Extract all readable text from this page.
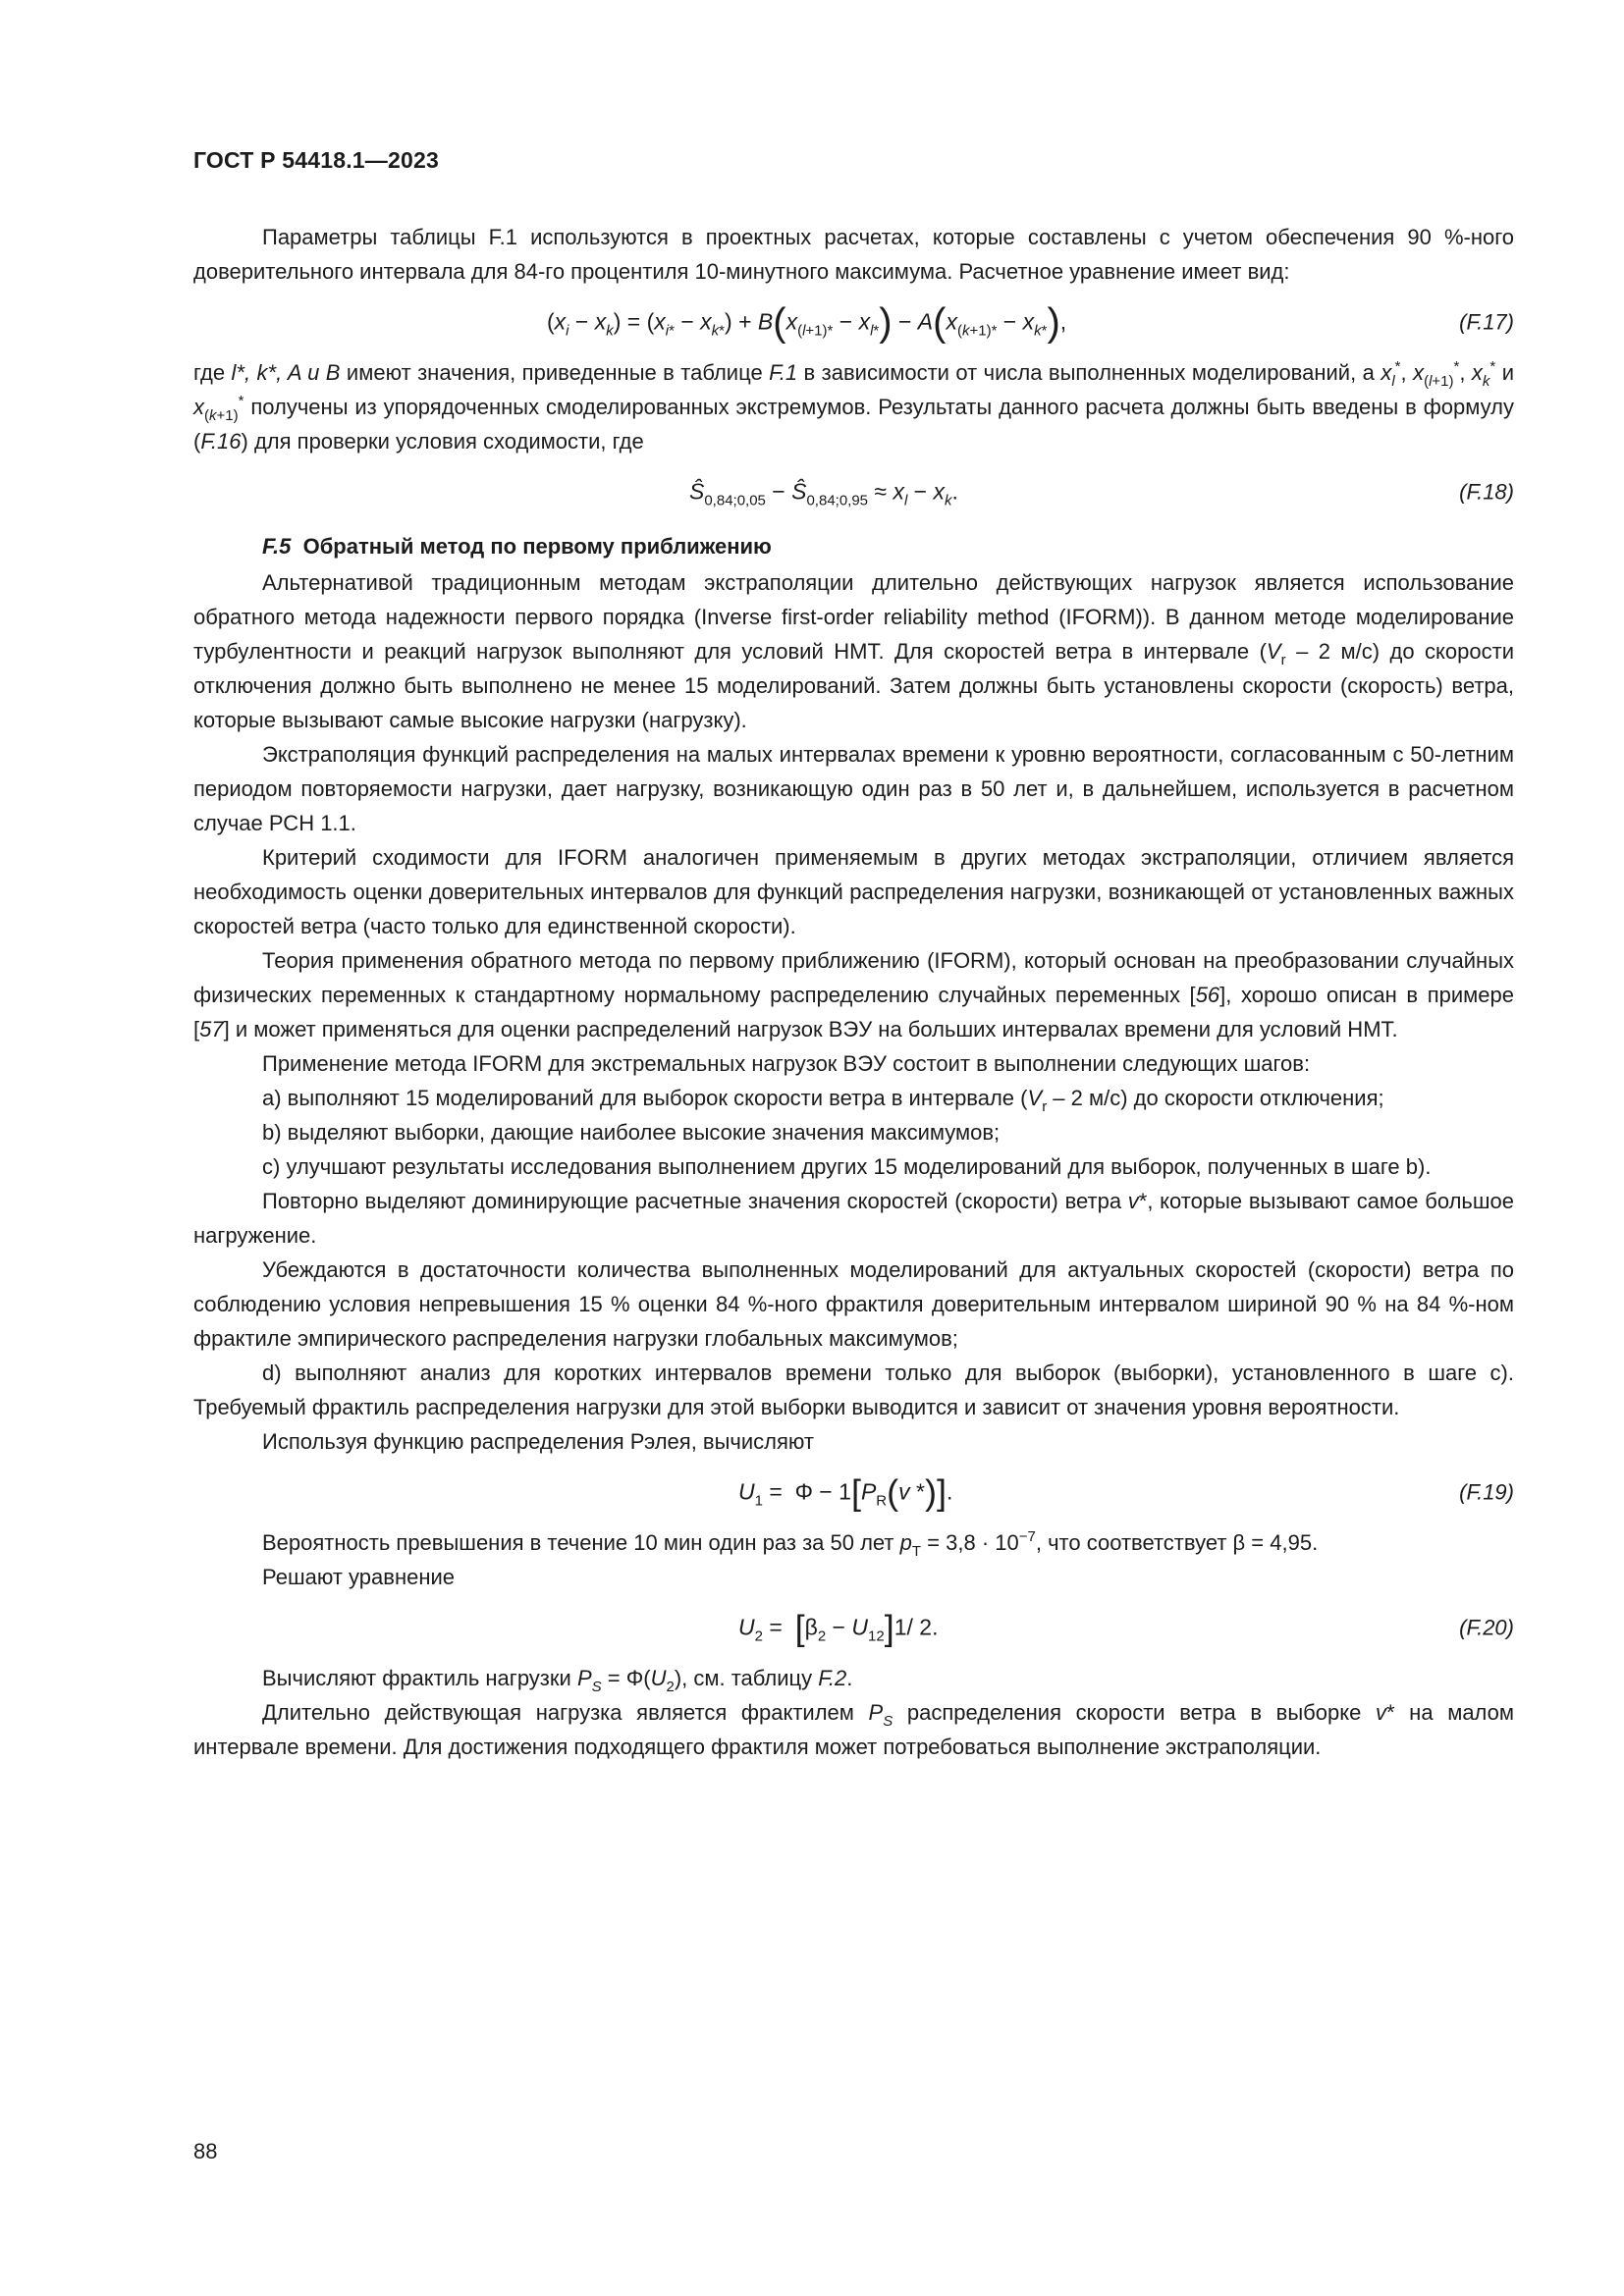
ГОСТ Р 54418.1—2023

Параметры таблицы F.1 используются в проектных расчетах, которые составлены с учетом обеспечения 90 %-ного доверительного интервала для 84-го процентиля 10-минутного максимума. Расчетное уравнение имеет вид:

$(x_i - x_k) = (x_{i*} - x_{k*}) + B(x_{(l+1)*} - x_{l*}) - A(x_{(k+1)*} - x_{k*})$,	(F.17)

где l*, k*, A и B имеют значения, приведенные в таблице F.1 в зависимости от числа выполненных моделирований, а $x_l^*$, $x_{(l+1)}^*$, $x_k^*$ и $x_{(k+1)}^*$ получены из упорядоченных смоделированных экстремумов. Результаты данного расчета должны быть введены в формулу (F.16) для проверки условия сходимости, где

$Ŝ_{0,84;0,05}$ − $Ŝ_{0,84;0,95} \approx x_l - x_k$.	(F.18)
F.5 Обратный метод по первому приближению

Альтернативой традиционным методам экстраполяции длительно действующих нагрузок является использование обратного метода надежности первого порядка (Inverse first-order reliability method (IFORM)). В данном методе моделирование турбулентности и реакций нагрузок выполняют для условий НМТ. Для скоростей ветра в интервале ($V_r - 2$ м/с) до скорости отключения должно быть выполнено не менее 15 моделирований. Затем должны быть установлены скорости (скорость) ветра, которые вызывают самые высокие нагрузки (нагрузку).

Экстраполяция функций распределения на малых интервалах времени к уровню вероятности, согласованным с 50-летним периодом повторяемости нагрузки, дает нагрузку, возникающую один раз в 50 лет и, в дальнейшем, используется в расчетном случае РСН 1.1.

Критерий сходимости для IFORM аналогичен применяемым в других методах экстраполяции, отличием является необходимость оценки доверительных интервалов для функций распределения нагрузки, возникающей от установленных важных скоростей ветра (часто только для единственной скорости).

Теория применения обратного метода по первому приближению (IFORM), который основан на преобразовании случайных физических переменных к стандартному нормальному распределению случайных переменных [56], хорошо описан в примере [57] и может применяться для оценки распределений нагрузок ВЭУ на больших интервалах времени для условий НМТ.

Применение метода IFORM для экстремальных нагрузок ВЭУ состоит в выполнении следующих шагов:

a) выполняют 15 моделирований для выборок скорости ветра в интервале ($V_r - 2$ м/с) до скорости отключения;

b) выделяют выборки, дающие наиболее высокие значения максимумов;

c) улучшают результаты исследования выполнением других 15 моделирований для выборок, полученных в шаге b).

Повторно выделяют доминирующие расчетные значения скоростей (скорости) ветра v*, которые вызывают самое большое нагружение.

Убеждаются в достаточности количества выполненных моделирований для актуальных скоростей (скорости) ветра по соблюдению условия непревышения 15 % оценки 84 %-ного фрактиля доверительным интервалом шириной 90 % на 84 %-ном фрактиле эмпирического распределения нагрузки глобальных максимумов;

d) выполняют анализ для коротких интервалов времени только для выборок (выборки), установленного в шаге c). Требуемый фрактиль распределения нагрузки для этой выборки выводится и зависит от значения уровня вероятности.

Используя функцию распределения Рэлея, вычисляют

$U_1 = \Phi - 1[P_R(v$ *)].	(F.19)

Вероятность превышения в течение 10 мин один раз за 50 лет $p_T = 3,8 \cdot 10^{-7}$, что соответствует β = 4,95.

Решают уравнение

$U_2 = [\beta_2 - U_{12}]1/$ 2.	(F.20)

Вычисляют фрактиль нагрузки $P_S = \Phi(U_2)$, см. таблицу F.2.

Длительно действующая нагрузка является фрактилем $P_S$ распределения скорости ветра в выборке v* на малом интервале времени. Для достижения подходящего фрактиля может потребоваться выполнение экстраполяции.

88
